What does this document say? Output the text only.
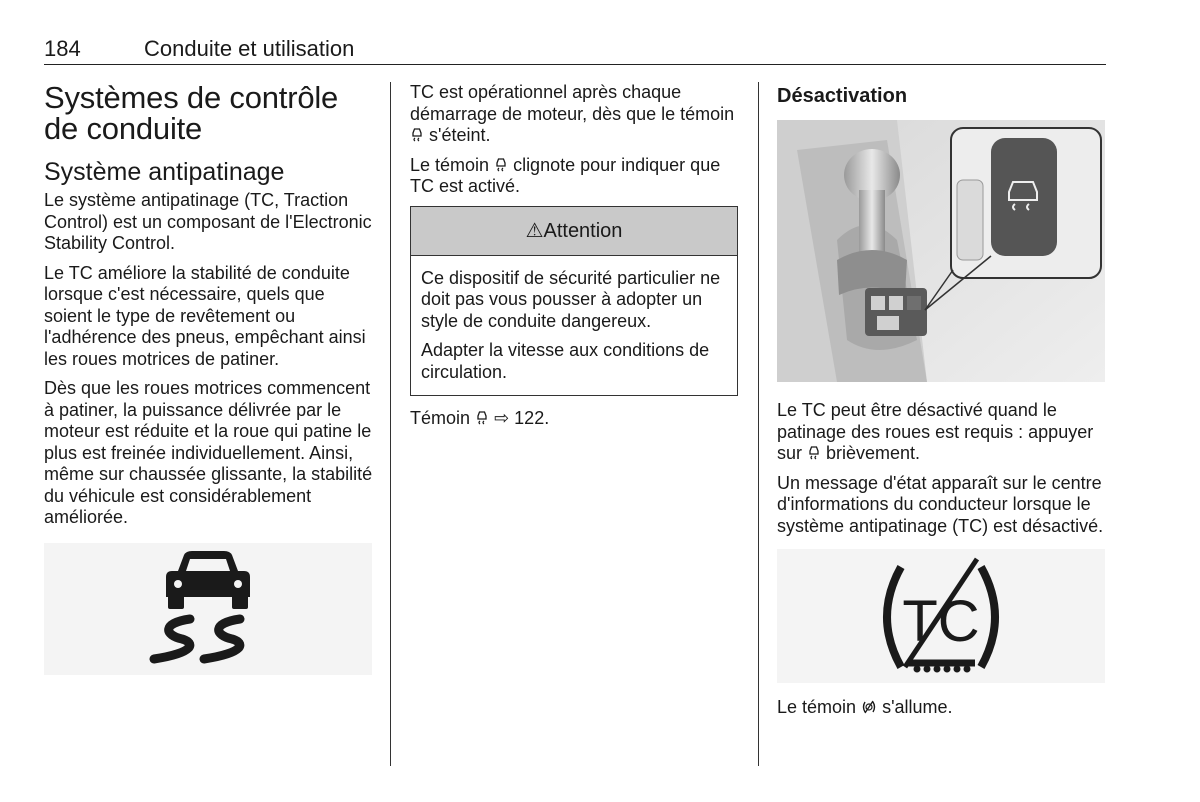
184	Conduite et utilisation
Systèmes de contrôle de conduite
Système antipatinage

Le système antipatinage (TC, Traction Control) est un composant de l'Electronic Stability Control.

Le TC améliore la stabilité de conduite lorsque c'est nécessaire, quels que soient le type de revêtement ou l'adhérence des pneus, empêchant ainsi les roues motrices de patiner.

Dès que les roues motrices commencent à patiner, la puissance délivrée par le moteur est réduite et la roue qui patine le plus est freinée individuellement. Ainsi, même sur chaussée glissante, la stabilité du véhicule est considérablement améliorée.

TC est opérationnel après chaque démarrage de moteur, dès que le témoin  s'éteint.

Le témoin  clignote pour indiquer que TC est activé.

⚠Attention

Ce dispositif de sécurité particulier ne doit pas vous pousser à adopter un style de conduite dangereux.

Adapter la vitesse aux conditions de circulation.

Témoin ⇨ 122.

Désactivation

Le TC peut être désactivé quand le patinage des roues est requis : appuyer sur  brièvement.

Un message d'état apparaît sur le centre d'informations du conducteur lorsque le système antipatinage (TC) est désactivé.

TC

Le témoin  s'allume.
